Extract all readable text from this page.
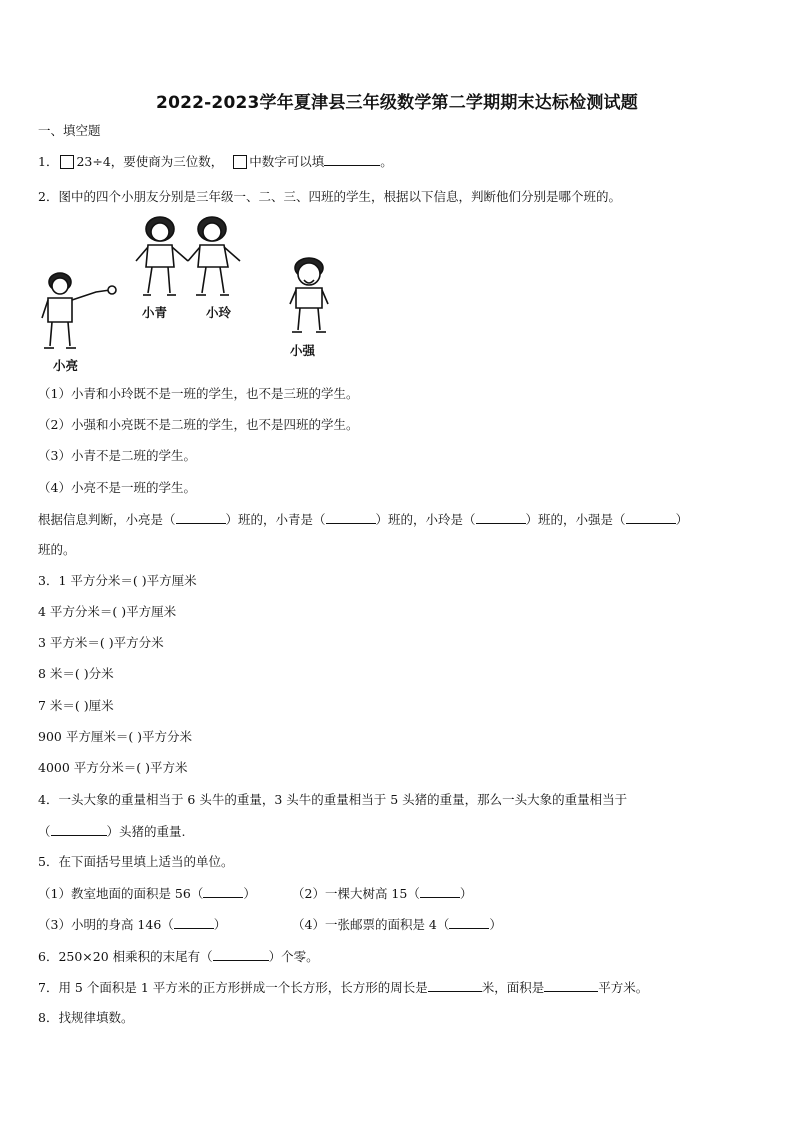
2022-2023学年夏津县三年级数学第二学期期末达标检测试题
一、填空题
1． 23÷4，要使商为三位数， 中数字可以填	。
2．图中的四个小朋友分别是三年级一、二、三、四班的学生，根据以下信息，判断他们分别是哪个班的。
小青	小玲
小亮
小强
（1）小青和小玲既不是一班的学生，也不是三班的学生。
（2）小强和小亮既不是二班的学生，也不是四班的学生。
（3）小青不是二班的学生。
（4）小亮不是一班的学生。
根据信息判断，小亮是（	）班的，小青是（	）班的，小玲是（	）班的，小强是（	）
班的。
3．1 平方分米＝( )平方厘米
4 平方分米＝( )平方厘米
3 平方米＝( )平方分米
8 米＝( )分米
7 米＝( )厘米
900 平方厘米＝( )平方分米
4000 平方分米＝( )平方米
4．一头大象的重量相当于 6 头牛的重量，3 头牛的重量相当于 5 头猪的重量，那么一头大象的重量相当于
（	）头猪的重量.
5．在下面括号里填上适当的单位。
（1）教室地面的面积是 56（	）	（2）一棵大树高 15（	）
（3）小明的身高 146（	）	（4）一张邮票的面积是 4（	）
6．250×20 相乘积的末尾有（	）个零。
7．用 5 个面积是 1 平方米的正方形拼成一个长方形，长方形的周长是	米，面积是	平方米。
8．找规律填数。
